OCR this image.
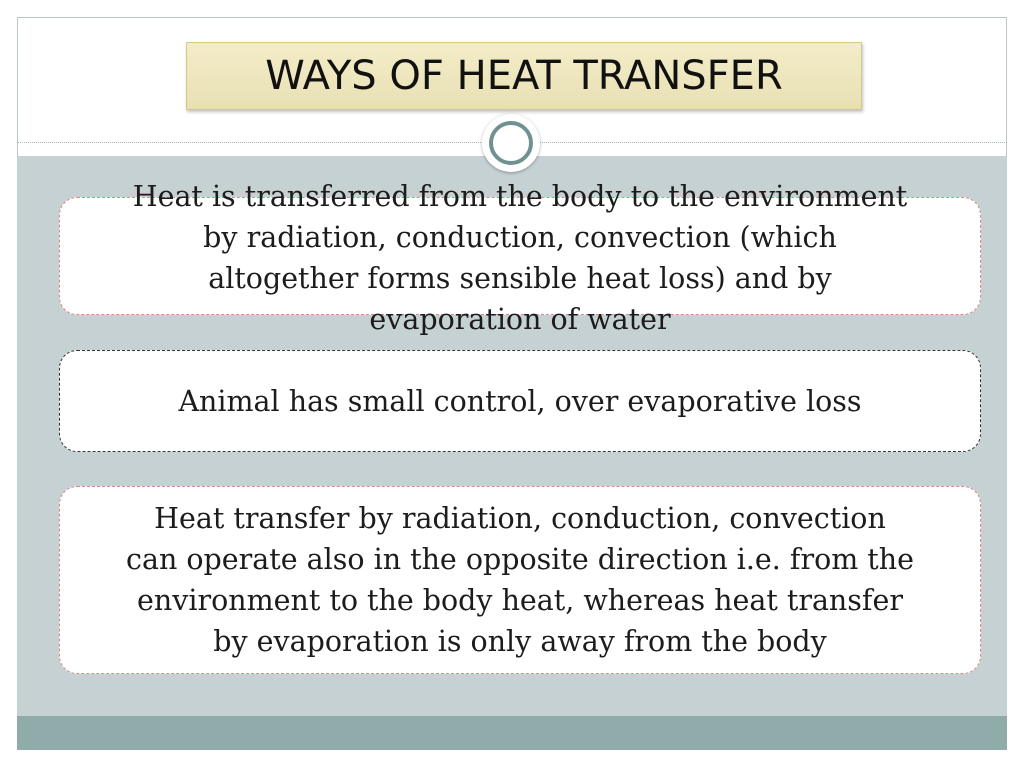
WAYS OF HEAT TRANSFER
Heat is transferred from the body to the environment
by radiation, conduction, convection (which
altogether forms sensible heat loss) and by
evaporation of water
Animal has small control, over evaporative loss
Heat transfer by radiation, conduction, convection
can operate also in the opposite direction i.e. from the
environment to the body heat, whereas heat transfer
by evaporation is only away from the body
